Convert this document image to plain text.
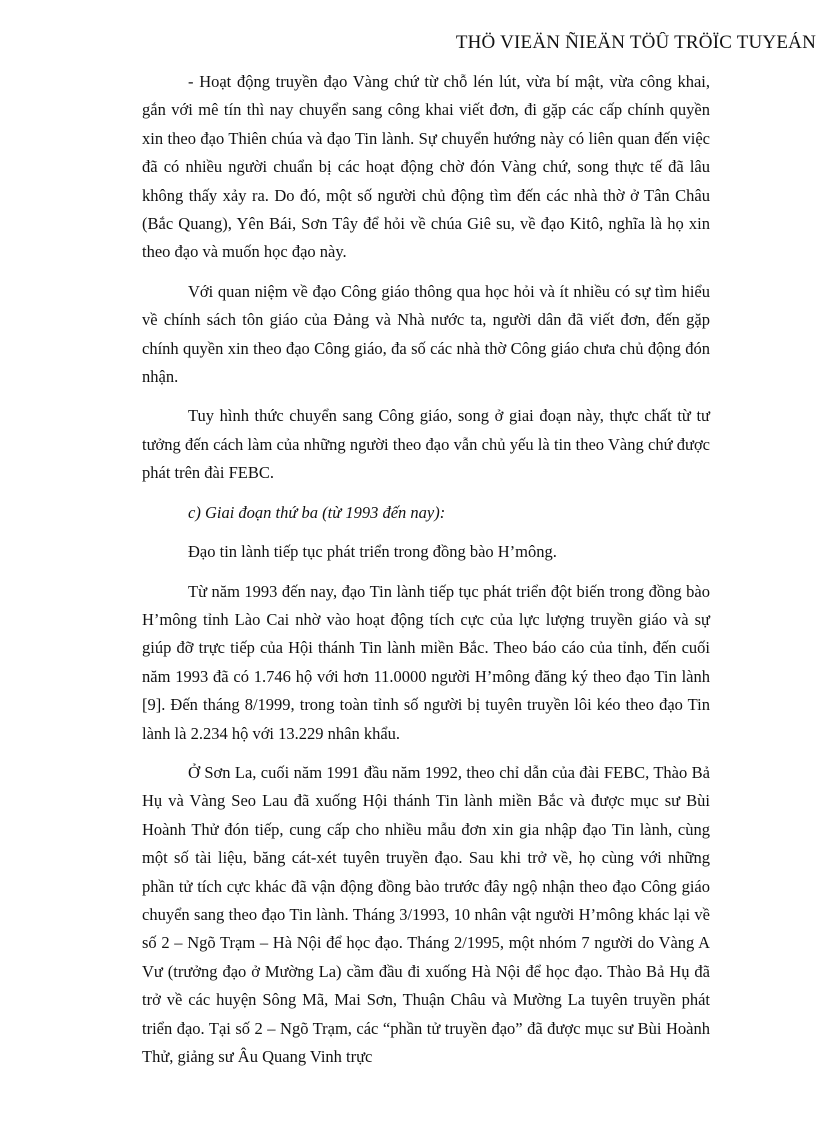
THÖ VIEÄN ÑIEÄN TÖÛ TRÖÏC TUYEÁN

- Hoạt động truyền đạo Vàng chứ từ chỗ lén lút, vừa bí mật, vừa công khai, gắn với mê tín thì nay chuyển sang công khai viết đơn, đi gặp các cấp chính quyền xin theo đạo Thiên chúa và đạo Tin lành. Sự chuyển hướng này có liên quan đến việc đã có nhiều người chuẩn bị các hoạt động chờ đón Vàng chứ, song thực tế đã lâu không thấy xảy ra. Do đó, một số người chủ động tìm đến các nhà thờ ở Tân Châu (Bắc Quang), Yên Bái, Sơn Tây để hỏi về chúa Giê su, về đạo Kitô, nghĩa là họ xin theo đạo và muốn học đạo này.

Với quan niệm về đạo Công giáo thông qua học hỏi và ít nhiều có sự tìm hiểu về chính sách tôn giáo của Đảng và Nhà nước ta, người dân đã viết đơn, đến gặp chính quyền xin theo đạo Công giáo, đa số các nhà thờ Công giáo chưa chủ động đón nhận.

Tuy hình thức chuyển sang Công giáo, song ở giai đoạn này, thực chất từ tư tưởng đến cách làm của những người theo đạo vẫn chủ yếu là tin theo Vàng chứ được phát trên đài FEBC.

c) Giai đoạn thứ ba (từ 1993 đến nay):

Đạo tin lành tiếp tục phát triển trong đồng bào H’mông.

Từ năm 1993 đến nay, đạo Tin lành tiếp tục phát triển đột biến trong đồng bào H’mông tỉnh Lào Cai nhờ vào hoạt động tích cực của lực lượng truyền giáo và sự giúp đỡ trực tiếp của Hội thánh Tin lành miền Bắc. Theo báo cáo của tỉnh, đến cuối năm 1993 đã có 1.746 hộ với hơn 11.0000 người H’mông đăng ký theo đạo Tin lành [9]. Đến tháng 8/1999, trong toàn tỉnh số người bị tuyên truyền lôi kéo theo đạo Tin lành là 2.234 hộ với 13.229 nhân khẩu.

Ở Sơn La, cuối năm 1991 đầu năm 1992, theo chỉ dẫn của đài FEBC, Thào Bả Hụ và Vàng Seo Lau đã xuống Hội thánh Tin lành miền Bắc và được mục sư Bùi Hoành Thử đón tiếp, cung cấp cho nhiều mẫu đơn xin gia nhập đạo Tin lành, cùng một số tài liệu, băng cát-xét tuyên truyền đạo. Sau khi trở về, họ cùng với những phần tử tích cực khác đã vận động đồng bào trước đây ngộ nhận theo đạo Công giáo chuyển sang theo đạo Tin lành. Tháng 3/1993, 10 nhân vật người H’mông khác lại về số 2 – Ngõ Trạm – Hà Nội để học đạo. Tháng 2/1995, một nhóm 7 người do Vàng A Vư (trưởng đạo ở Mường La) cầm đầu đi xuống Hà Nội để học đạo. Thào Bả Hụ đã trở về các huyện Sông Mã, Mai Sơn, Thuận Châu và Mường La tuyên truyền phát triển đạo. Tại số 2 – Ngõ Trạm, các “phần tử truyền đạo” đã được mục sư Bùi Hoành Thử, giảng sư Âu Quang Vinh trực
